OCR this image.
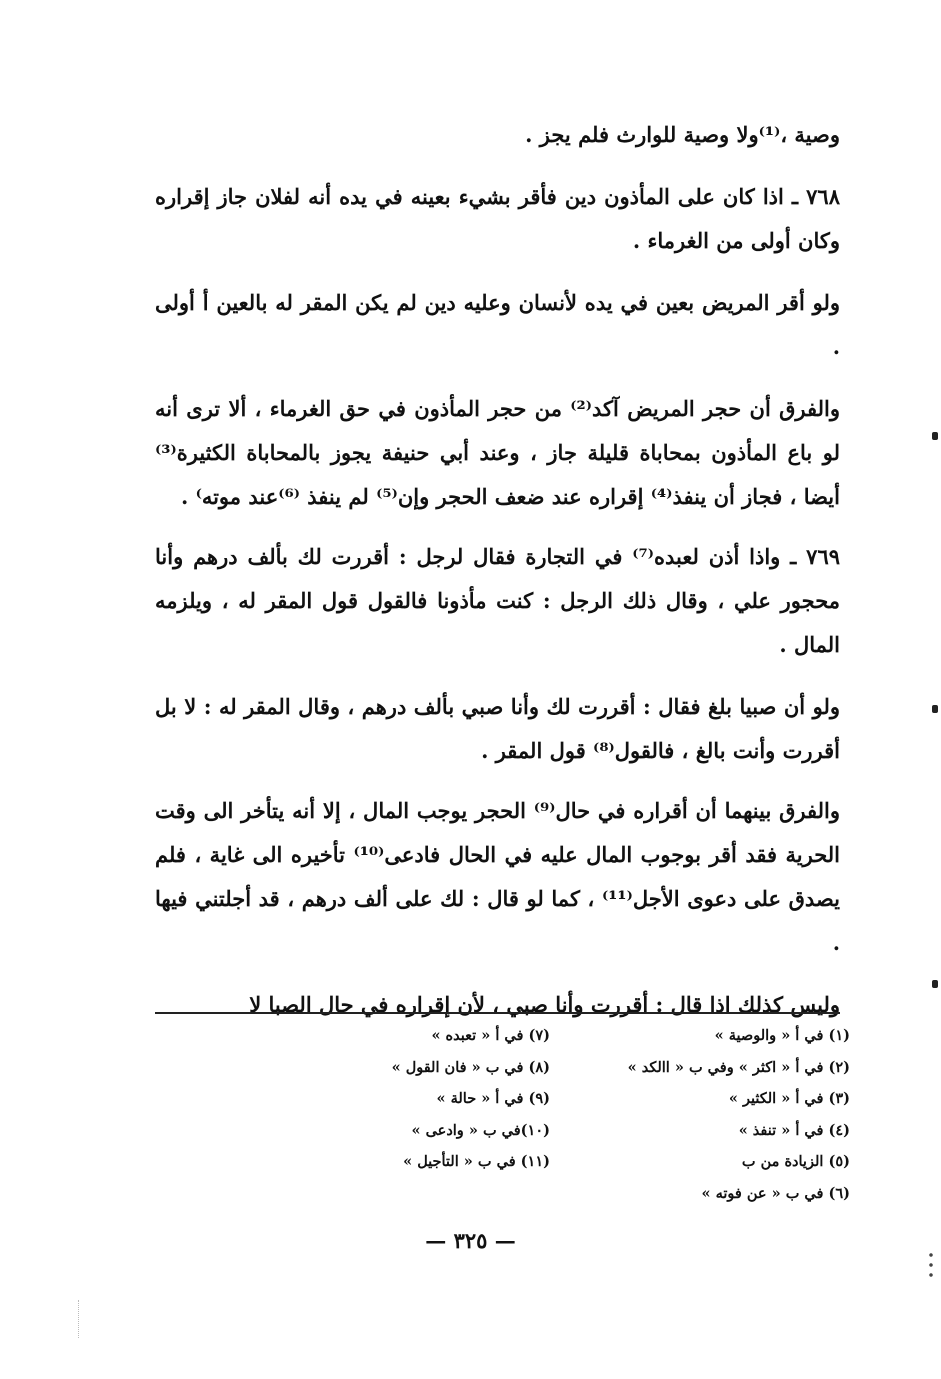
وصية ،⁽¹⁾ولا وصية للوارث فلم يجز .

٧٦٨ ـ اذا كان على المأذون دين فأقر بشيء بعينه في يده أنه لفلان جاز إقراره وكان أولى من الغرماء .

ولو أقر المريض بعين في يده لأنسان وعليه دين لم يكن المقر له بالعين أ أولى .

والفرق أن حجر المريض آكد⁽²⁾ من حجر المأذون في حق الغرماء ، ألا ترى أنه لو باع المأذون بمحاباة قليلة جاز ، وعند أبي حنيفة يجوز بالمحاباة الكثيرة⁽³⁾ أيضا ، فجاز أن ينفذ⁽⁴⁾ إقراره عند ضعف الحجر وإن⁽⁵⁾ لم ينفذ ⁽⁶⁾عند موته⁾ .

٧٦٩ ـ واذا أذن لعبده⁽⁷⁾ في التجارة فقال لرجل : أقررت لك بألف درهم وأنا محجور علي ، وقال ذلك الرجل : كنت مأذونا فالقول قول المقر له ، ويلزمه المال .

ولو أن صبيا بلغ فقال : أقررت لك وأنا صبي بألف درهم ، وقال المقر له : لا بل أقررت وأنت بالغ ، فالقول⁽⁸⁾ قول المقر .

والفرق بينهما أن أقراره في حال⁽⁹⁾ الحجر يوجب المال ، إلا أنه يتأخر الى وقت الحرية فقد أقر بوجوب المال عليه في الحال فادعى⁽¹⁰⁾ تأخيره الى غاية ، فلم يصدق على دعوى الأجل⁽¹¹⁾ ، كما لو قال : لك على ألف درهم ، قد أجلتني فيها .

وليس كذلك اذا قال : أقررت وأنا صبي ، لأن إقراره في حال الصبا لا

(١) في أ « والوصية »
(٢) في أ « اكثر » وفي ب « االكد »
(٣) في أ « الكثير »
(٤) في أ « تنفذ »
(٥) الزيادة من ب
(٦) في ب « عن فوته »
(٧) في أ « تعبده »
(٨) في ب « فان القول »
(٩) في أ « حالة »
(١٠)في ب « وادعى »
(١١) في ب « التأجيل »
— ٣٢٥ —
